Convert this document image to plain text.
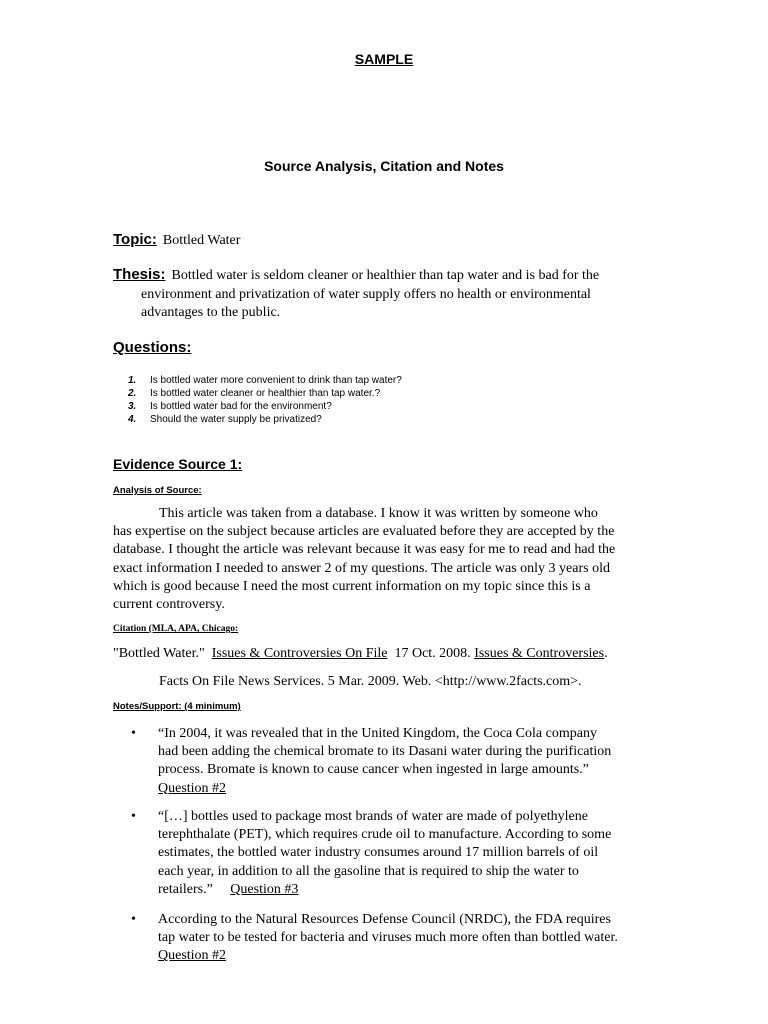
SAMPLE
Source Analysis, Citation and Notes
Topic: Bottled Water
Thesis: Bottled water is seldom cleaner or healthier than tap water and is bad for the
environment and privatization of water supply offers no health or environmental
advantages to the public.
Questions:
1.	Is bottled water more convenient to drink than tap water?
2.	Is bottled water cleaner or healthier than tap water.?
3.	Is bottled water bad for the environment?
4.	Should the water supply be privatized?
Evidence Source 1:
Analysis of Source:
This article was taken from a database. I know it was written by someone who
has expertise on the subject because articles are evaluated before they are accepted by the
database. I thought the article was relevant because it was easy for me to read and had the
exact information I needed to answer 2 of my questions. The article was only 3 years old
which is good because I need the most current information on my topic since this is a
current controversy.
Citation (MLA, APA, Chicago:
"Bottled Water." Issues & Controversies On File 17 Oct. 2008. Issues & Controversies.
Facts On File News Services. 5 Mar. 2009. Web. <http://www.2facts.com>.
Notes/Support: (4 minimum)
• “In 2004, it was revealed that in the United Kingdom, the Coca Cola company
had been adding the chemical bromate to its Dasani water during the purification
process. Bromate is known to cause cancer when ingested in large amounts.”
Question #2
• “[…] bottles used to package most brands of water are made of polyethylene
terephthalate (PET), which requires crude oil to manufacture. According to some
estimates, the bottled water industry consumes around 17 million barrels of oil
each year, in addition to all the gasoline that is required to ship the water to
retailers.” Question #3
• According to the Natural Resources Defense Council (NRDC), the FDA requires
tap water to be tested for bacteria and viruses much more often than bottled water.
Question #2
